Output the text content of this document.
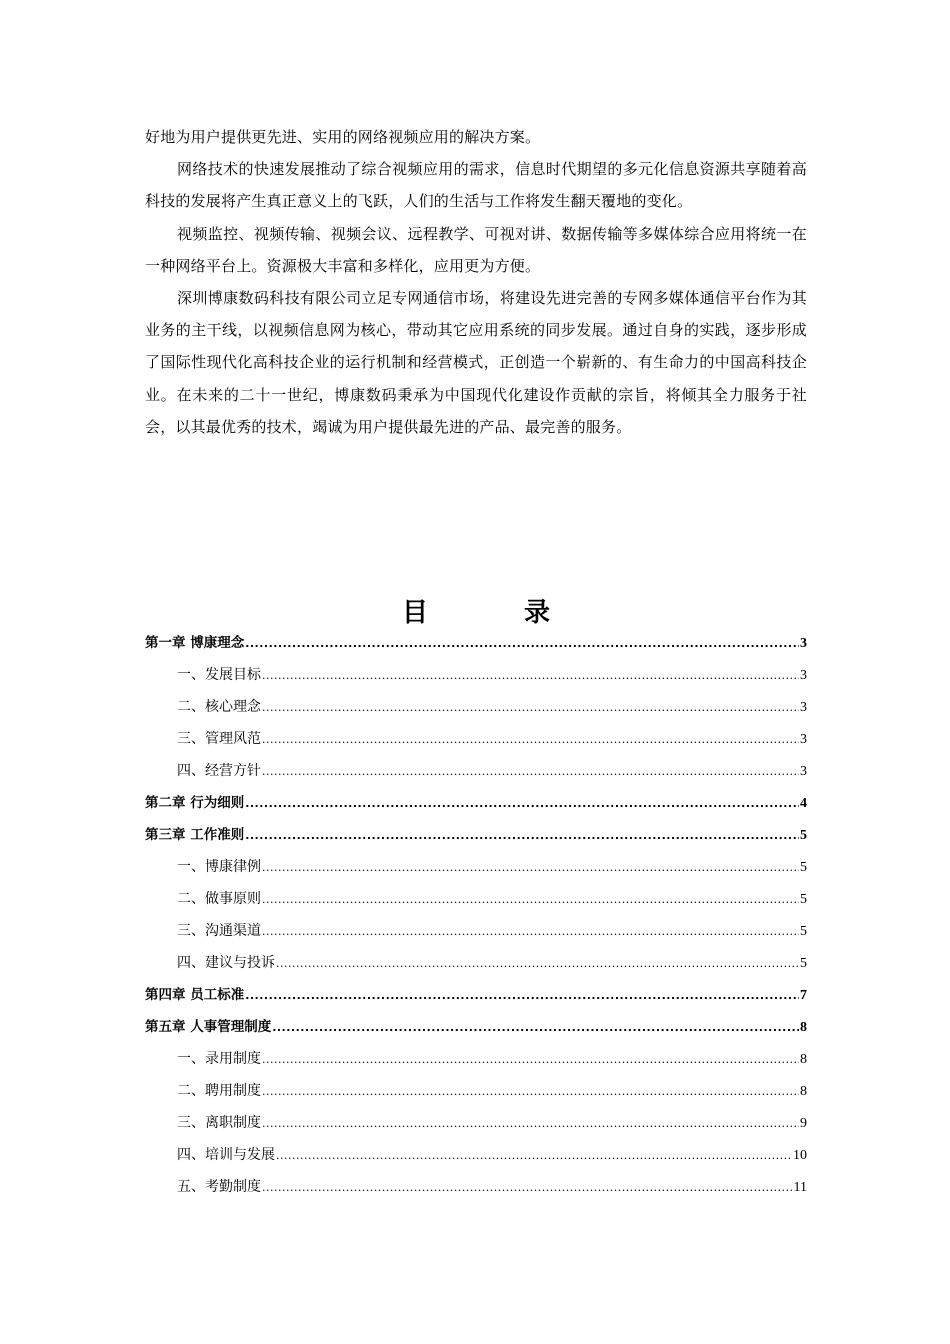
好地为用户提供更先进、实用的网络视频应用的解决方案。

网络技术的快速发展推动了综合视频应用的需求，信息时代期望的多元化信息资源共享随着高科技的发展将产生真正意义上的飞跃，人们的生活与工作将发生翻天覆地的变化。

视频监控、视频传输、视频会议、远程教学、可视对讲、数据传输等多媒体综合应用将统一在一种网络平台上。资源极大丰富和多样化，应用更为方便。

深圳博康数码科技有限公司立足专网通信市场，将建设先进完善的专网多媒体通信平台作为其业务的主干线，以视频信息网为核心，带动其它应用系统的同步发展。通过自身的实践，逐步形成了国际性现代化高科技企业的运行机制和经营模式，正创造一个崭新的、有生命力的中国高科技企业。在未来的二十一世纪，博康数码秉承为中国现代化建设作贡献的宗旨，将倾其全力服务于社会，以其最优秀的技术，竭诚为用户提供最先进的产品、最完善的服务。

目	录
第一章 博康理念 .....	3
一、发展目标 .....	3
二、核心理念 .....	3
三、管理风范 .....	3
四、经营方针 .....	3
第二章 行为细则 .....	4
第三章 工作准则 .....	5
一、博康律例 .....	5
二、做事原则 .....	5
三、沟通渠道 .....	5
四、建议与投诉 .....	5
第四章 员工标准 .....	7
第五章 人事管理制度 .....	8
一、录用制度 .....	8
二、聘用制度 .....	8
三、离职制度 .....	9
四、培训与发展 .....	10
五、考勤制度 .....	11
